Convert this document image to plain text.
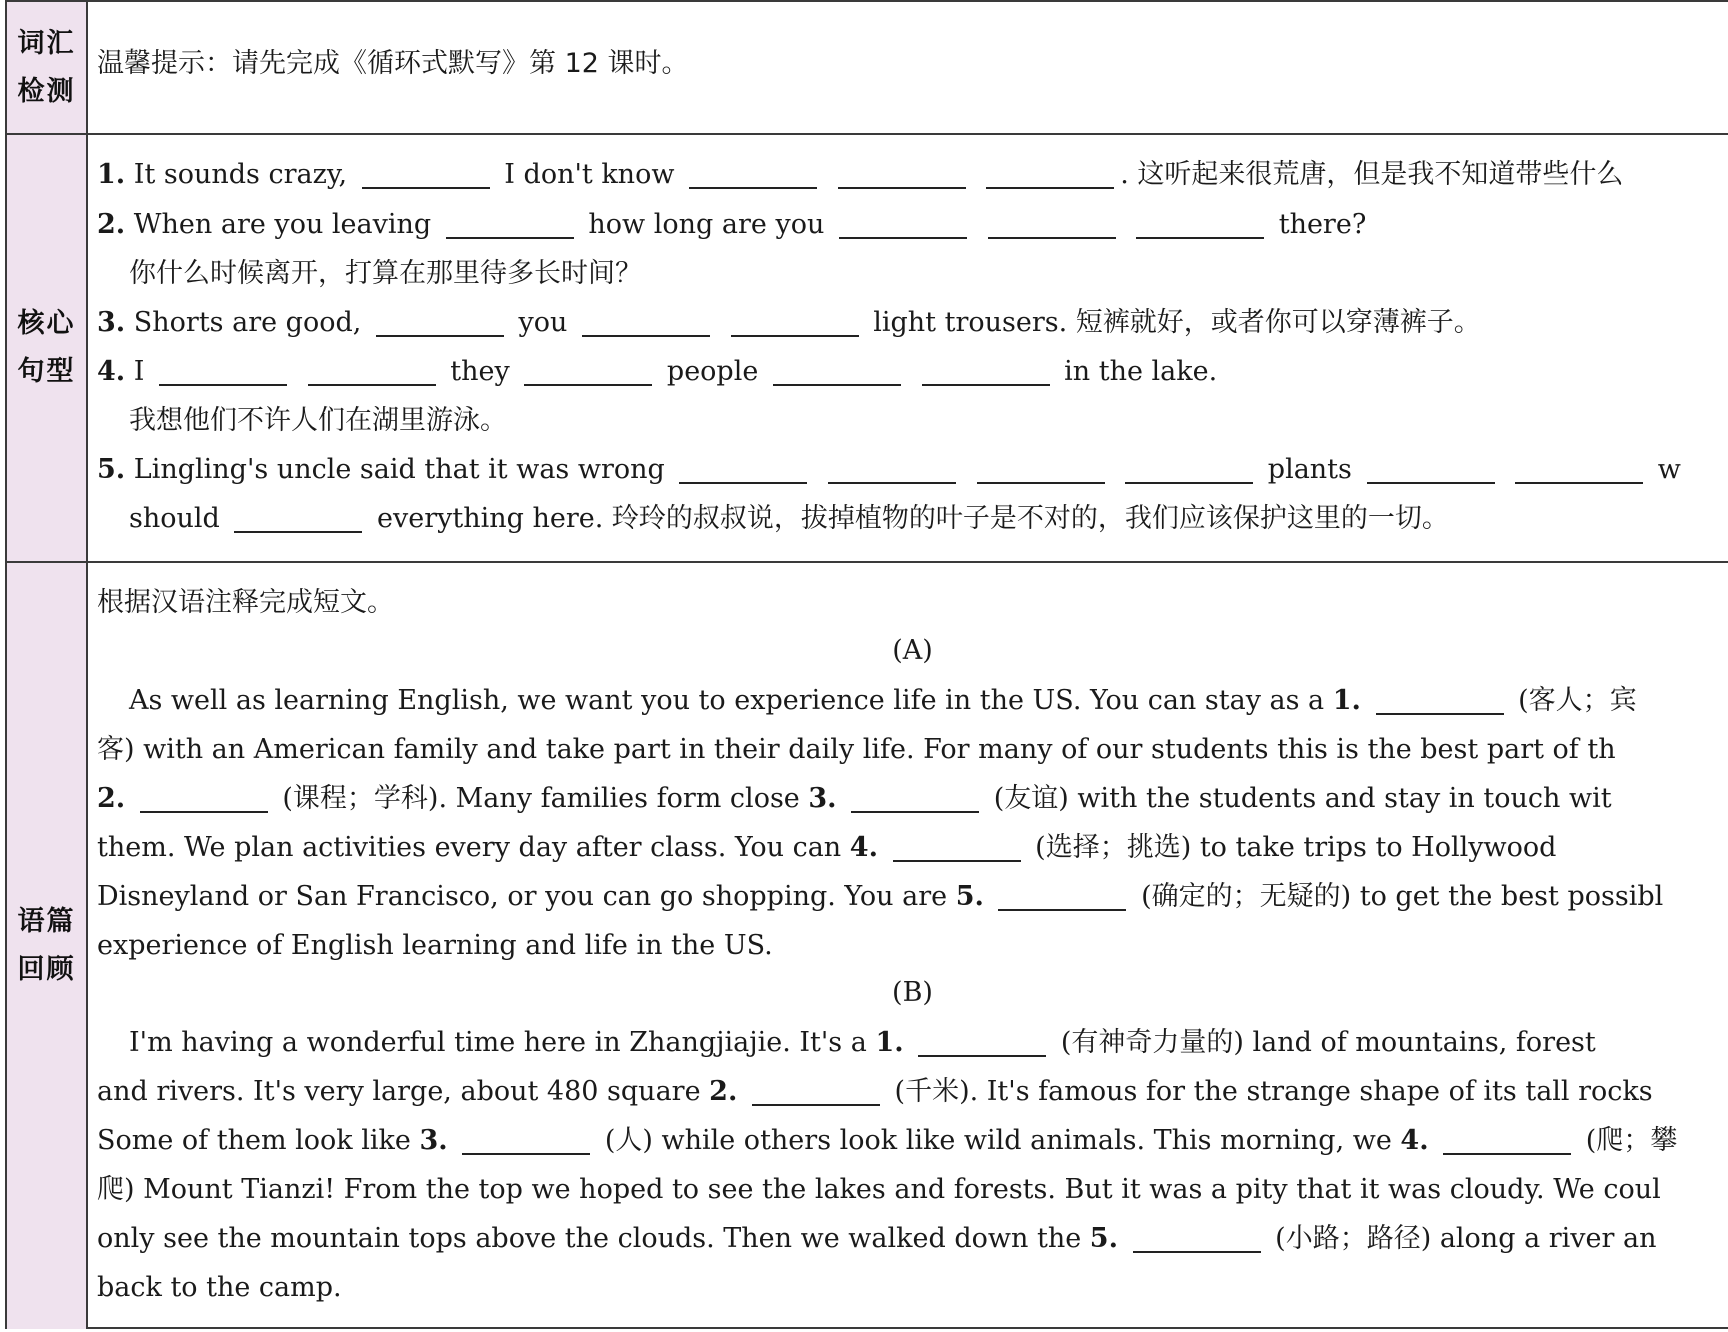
词汇
检测
温馨提示：请先完成《循环式默写》第 12 课时。
核心
句型
1. It sounds crazy,	I don't know	. 这听起来很荒唐，但是我不知道带些什么
2. When are you leaving	how long are you	there?
你什么时候离开，打算在那里待多长时间？
3. Shorts are good,	you	light trousers. 短裤就好，或者你可以穿薄裤子。
4. I	they	people	in the lake.
我想他们不许人们在湖里游泳。
5. Lingling's uncle said that it was wrong	plants	w
should	everything here. 玲玲的叔叔说，拔掉植物的叶子是不对的，我们应该保护这里的一切。
语篇
回顾
根据汉语注释完成短文。
(A)
As well as learning English, we want you to experience life in the US. You can stay as a 1.	(客人；宾
客) with an American family and take part in their daily life. For many of our students this is the best part of th
2.	(课程；学科). Many families form close 3.	(友谊) with the students and stay in touch wit
them. We plan activities every day after class. You can 4.	(选择；挑选) to take trips to Hollywood
Disneyland or San Francisco, or you can go shopping. You are 5.	(确定的；无疑的) to get the best possibl
experience of English learning and life in the US.
(B)
I'm having a wonderful time here in Zhangjiajie. It's a 1.	(有神奇力量的) land of mountains, forest
and rivers. It's very large, about 480 square 2.	(千米). It's famous for the strange shape of its tall rocks
Some of them look like 3.	(人) while others look like wild animals. This morning, we 4.	(爬；攀
爬) Mount Tianzi! From the top we hoped to see the lakes and forests. But it was a pity that it was cloudy. We coul
only see the mountain tops above the clouds. Then we walked down the 5.	(小路；路径) along a river an
back to the camp.
